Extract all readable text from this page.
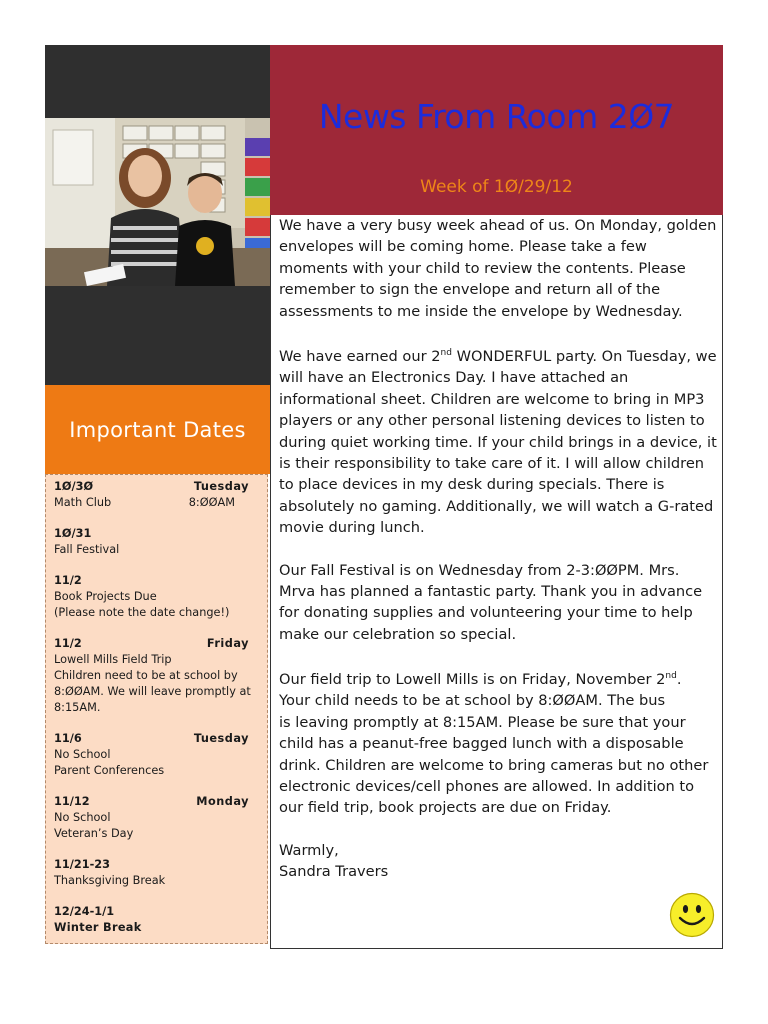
Important Dates
1Ø/3Ø	Tuesday
Math Club	8:ØØAM
1Ø/31
Fall Festival
11/2
Book Projects Due
(Please note the date change!)
11/2	Friday
Lowell Mills Field Trip
Children need to be at school by
8:ØØAM. We will leave promptly at
8:15AM.
11/6	Tuesday
No School
Parent Conferences
11/12	Monday
No School
Veteran’s Day
11/21-23
Thanksgiving Break
12/24-1/1
Winter Break
News From Room 2Ø7
Week of 1Ø/29/12

We have a very busy week ahead of us. On Monday, golden envelopes will be coming home. Please take a few moments with your child to review the contents. Please remember to sign the envelope and return all of the assessments to me inside the envelope by Wednesday.

We have earned our 2nd WONDERFUL party. On Tuesday, we will have an Electronics Day. I have attached an informational sheet. Children are welcome to bring in MP3 players or any other personal listening devices to listen to during quiet working time. If your child brings in a device, it is their responsibility to take care of it. I will allow children to place devices in my desk during specials. There is absolutely no gaming. Additionally, we will watch a G-rated movie during lunch.

Our Fall Festival is on Wednesday from 2-3:ØØPM. Mrs. Mrva has planned a fantastic party. Thank you in advance for donating supplies and volunteering your time to help make our celebration so special.

Our field trip to Lowell Mills is on Friday, November 2nd.
Your child needs to be at school by 8:ØØAM. The bus
is leaving promptly at 8:15AM. Please be sure that your child has a peanut-free bagged lunch with a disposable drink. Children are welcome to bring cameras but no other electronic devices/cell phones are allowed. In addition to our field trip, book projects are due on Friday.

Warmly,
Sandra Travers
